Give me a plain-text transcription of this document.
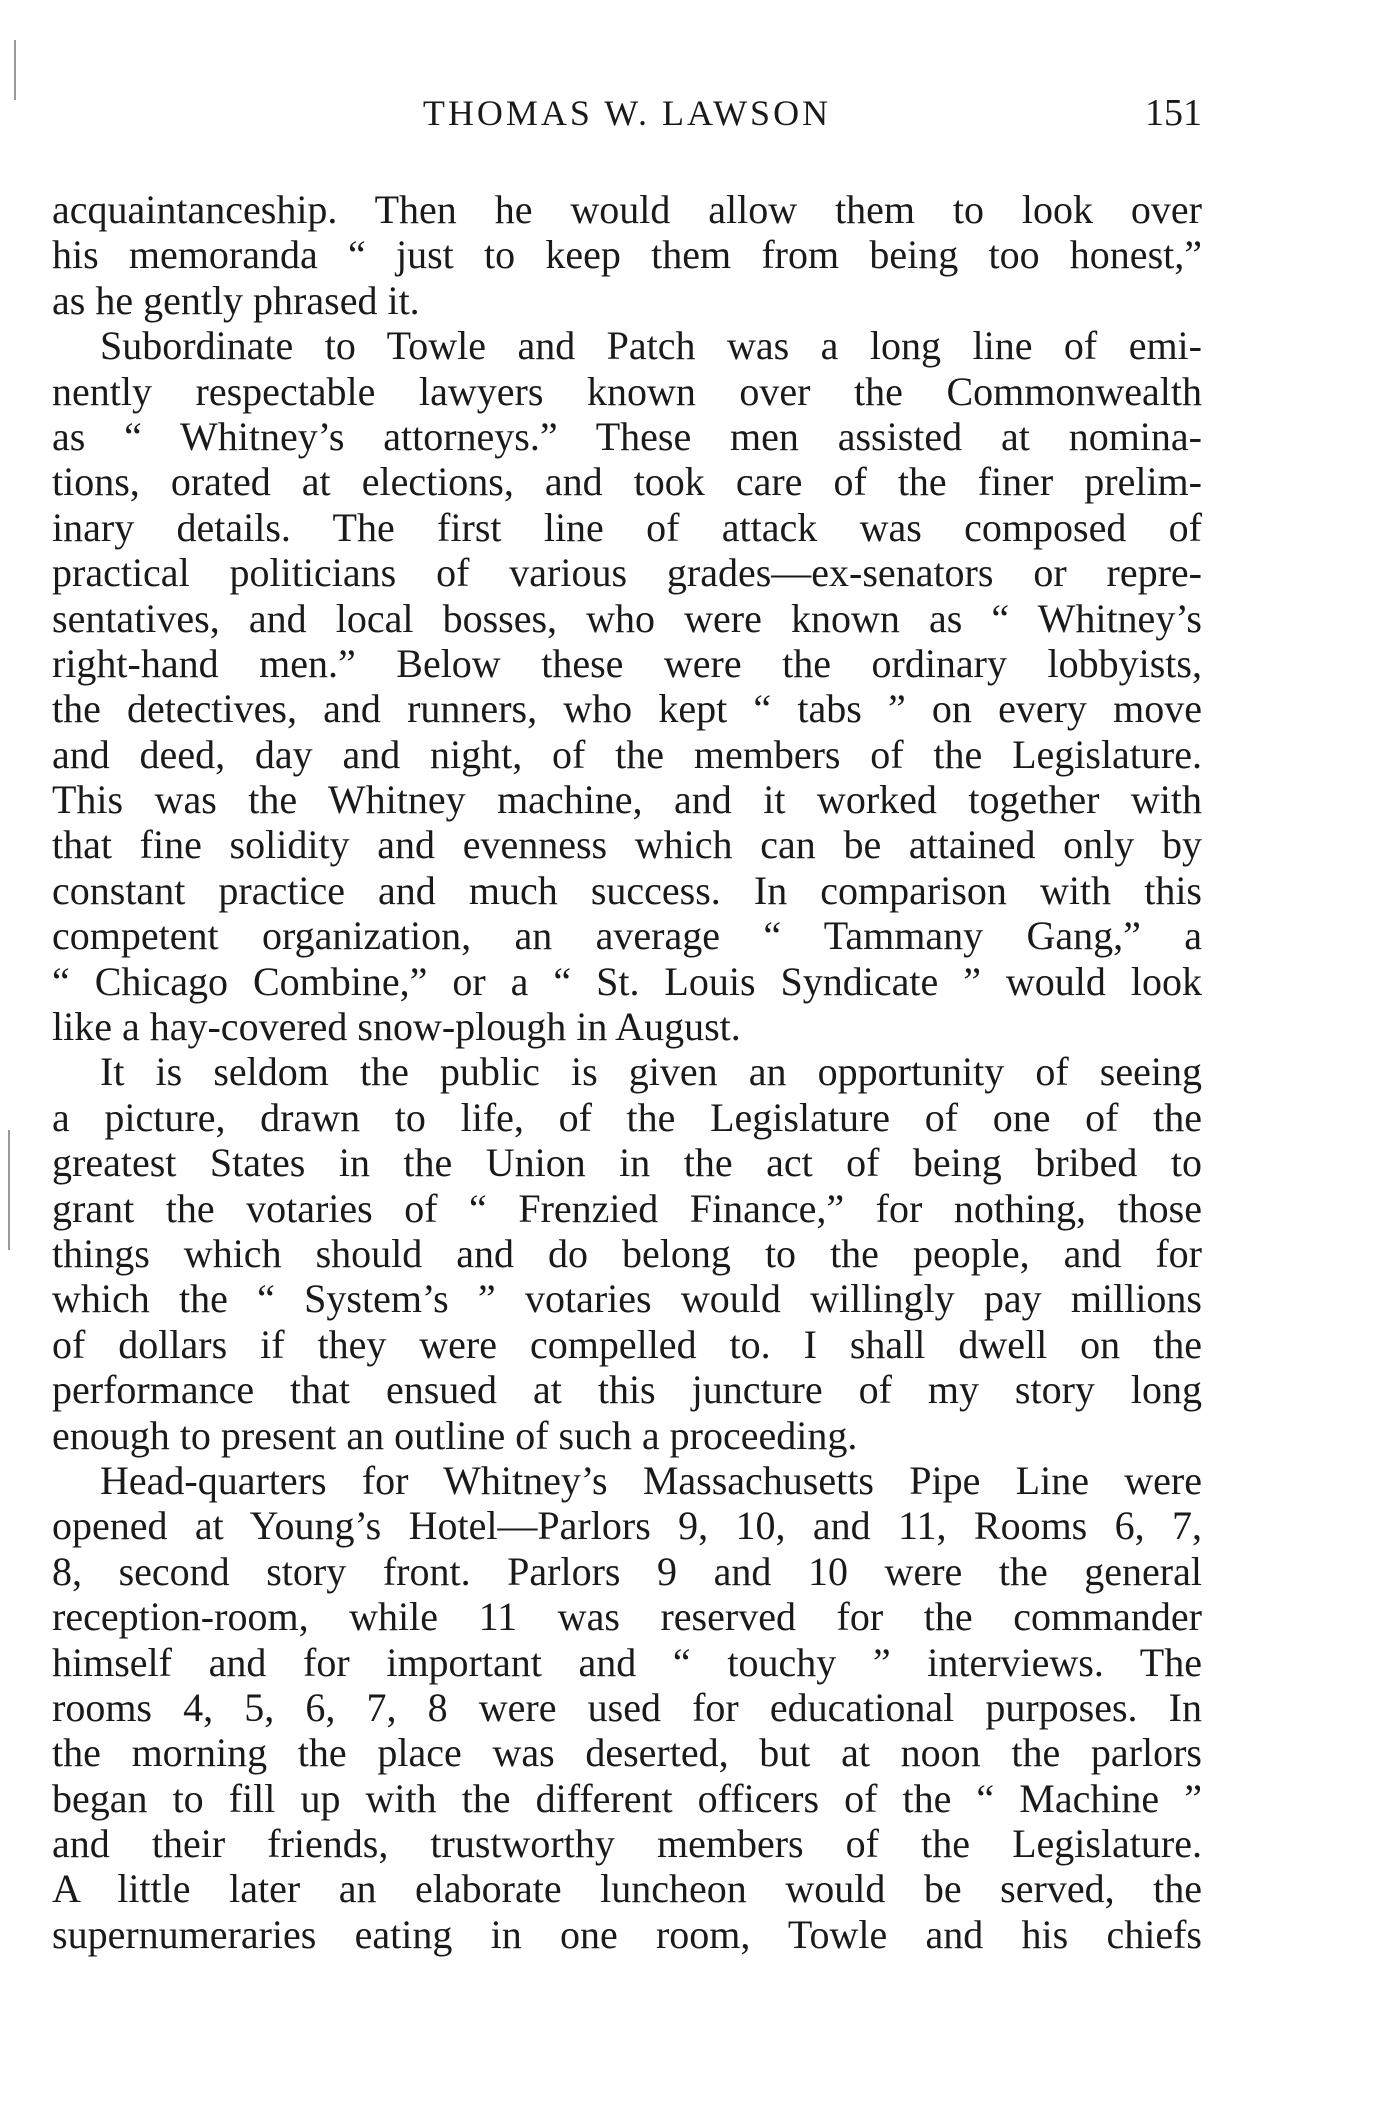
THOMAS W. LAWSON	151
acquaintanceship. Then he would allow them to look over
his memoranda “ just to keep them from being too honest,”
as he gently phrased it.
Subordinate to Towle and Patch was a long line of emi-
nently respectable lawyers known over the Commonwealth
as “ Whitney’s attorneys.” These men assisted at nomina-
tions, orated at elections, and took care of the finer prelim-
inary details. The first line of attack was composed of
practical politicians of various grades—ex-senators or repre-
sentatives, and local bosses, who were known as “ Whitney’s
right-hand men.” Below these were the ordinary lobbyists,
the detectives, and runners, who kept “ tabs ” on every move
and deed, day and night, of the members of the Legislature.
This was the Whitney machine, and it worked together with
that fine solidity and evenness which can be attained only by
constant practice and much success. In comparison with this
competent organization, an average “ Tammany Gang,” a
“ Chicago Combine,” or a “ St. Louis Syndicate ” would look
like a hay-covered snow-plough in August.
It is seldom the public is given an opportunity of seeing
a picture, drawn to life, of the Legislature of one of the
greatest States in the Union in the act of being bribed to
grant the votaries of “ Frenzied Finance,” for nothing, those
things which should and do belong to the people, and for
which the “ System’s ” votaries would willingly pay millions
of dollars if they were compelled to. I shall dwell on the
performance that ensued at this juncture of my story long
enough to present an outline of such a proceeding.
Head-quarters for Whitney’s Massachusetts Pipe Line were
opened at Young’s Hotel—Parlors 9, 10, and 11, Rooms 6, 7,
8, second story front. Parlors 9 and 10 were the general
reception-room, while 11 was reserved for the commander
himself and for important and “ touchy ” interviews. The
rooms 4, 5, 6, 7, 8 were used for educational purposes. In
the morning the place was deserted, but at noon the parlors
began to fill up with the different officers of the “ Machine ”
and their friends, trustworthy members of the Legislature.
A little later an elaborate luncheon would be served, the
supernumeraries eating in one room, Towle and his chiefs
